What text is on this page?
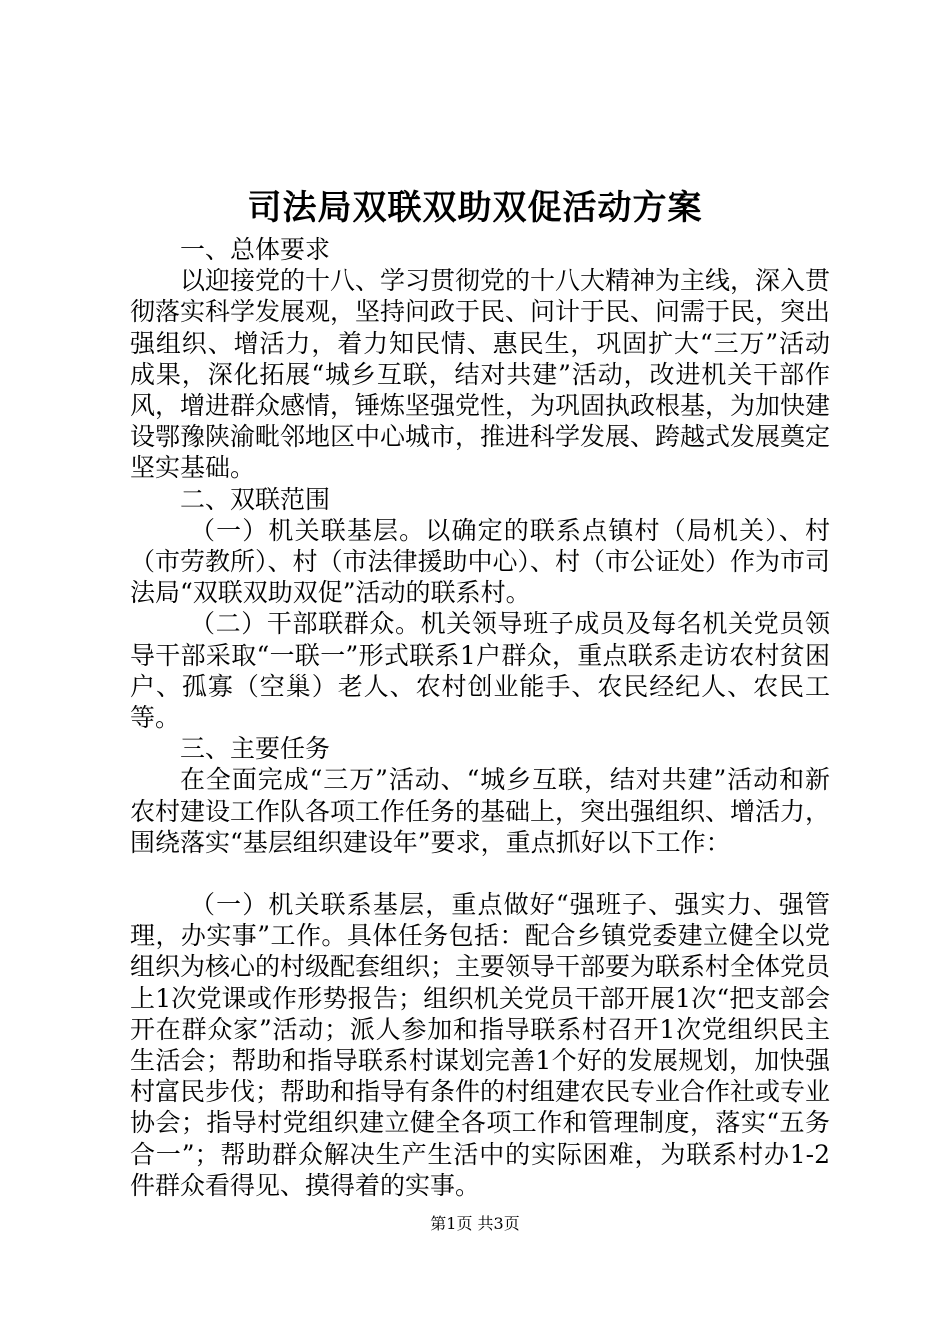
司法局双联双助双促活动方案

一、总体要求

以迎接党的十八、学习贯彻党的十八大精神为主线，深入贯彻落实科学发展观，坚持问政于民、问计于民、问需于民，突出强组织、增活力，着力知民情、惠民生，巩固扩大“三万”活动成果，深化拓展“城乡互联，结对共建”活动，改进机关干部作风，增进群众感情，锤炼坚强党性，为巩固执政根基，为加快建设鄂豫陕渝毗邻地区中心城市，推进科学发展、跨越式发展奠定坚实基础。

二、双联范围

（一）机关联基层。以确定的联系点镇村（局机关）、村（市劳教所）、村（市法律援助中心）、村（市公证处）作为市司法局“双联双助双促”活动的联系村。

（二）干部联群众。机关领导班子成员及每名机关党员领导干部采取“一联一”形式联系1户群众，重点联系走访农村贫困户、孤寡（空巢）老人、农村创业能手、农民经纪人、农民工等。

三、主要任务

在全面完成“三万”活动、“城乡互联，结对共建”活动和新农村建设工作队各项工作任务的基础上，突出强组织、增活力，围绕落实“基层组织建设年”要求，重点抓好以下工作：

（一）机关联系基层，重点做好“强班子、强实力、强管理，办实事”工作。具体任务包括：配合乡镇党委建立健全以党组织为核心的村级配套组织；主要领导干部要为联系村全体党员上1次党课或作形势报告；组织机关党员干部开展1次“把支部会开在群众家”活动；派人参加和指导联系村召开1次党组织民主生活会；帮助和指导联系村谋划完善1个好的发展规划，加快强村富民步伐；帮助和指导有条件的村组建农民专业合作社或专业协会；指导村党组织建立健全各项工作和管理制度，落实“五务合一”；帮助群众解决生产生活中的实际困难，为联系村办1-2件群众看得见、摸得着的实事。

第1页 共3页
